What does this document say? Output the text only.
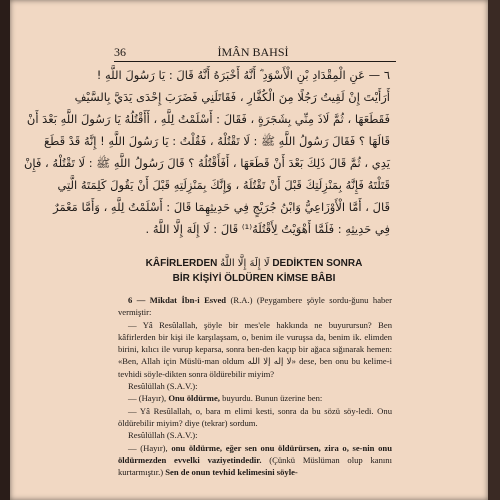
36	İMÂN BAHSİ
٦ — عَنِ الْمِقْدَادِ بْنِ الْأَسْوَدِ ؓ أَنَّهُ أَخْبَرَهُ أَنَّهُ قَالَ : يَا رَسُولَ اللَّهِ !
أَرَأَيْتَ إِنْ لَقِيتُ رَجُلًا مِنَ الْكُفَّارِ ، فَقَاتَلَنِي فَضَرَبَ إِحْدَى يَدَيَّ بِالسَّيْفِ
فَقَطَعَهَا ، ثُمَّ لَاذَ مِنِّي بِشَجَرَةٍ ، فَقَالَ : أَسْلَمْتُ لِلَّهِ ، أَأَقْتُلُهُ يَا رَسُولَ اللَّهِ بَعْدَ أَنْ
قَالَهَا ؟ فَقَالَ رَسُولُ اللَّهِ ﷺ : لَا تَقْتُلْهُ ، فَقُلْتُ : يَا رَسُولَ اللَّهِ ! إِنَّهُ قَدْ قَطَعَ
يَدِي ، ثُمَّ قَالَ ذَلِكَ بَعْدَ أَنْ قَطَعَهَا ، أَفَأَقْتُلُهُ ؟ قَالَ رَسُولُ اللَّهِ ﷺ : لَا تَقْتُلْهُ ، فَإِنْ
قَتَلْتَهُ فَإِنَّهُ بِمَنْزِلَتِكَ قَبْلَ أَنْ تَقْتُلَهُ ، وَإِنَّكَ بِمَنْزِلَتِهِ قَبْلَ أَنْ يَقُولَ كَلِمَتَهُ الَّتِي
قَالَ ، أَمَّا الْأَوْزَاعِيُّ وَابْنُ جُرَيْجٍ فِي حَدِيثِهِمَا قَالَ : أَسْلَمْتُ لِلَّهِ ، وَأَمَّا مَعْمَرٌ
فِي حَدِيثِهِ : فَلَمَّا أَهْوَيْتُ لِأَقْتُلَهُ⁽¹⁾ قَالَ : لَا إِلَهَ إِلَّا اللَّهُ .
KÂFİRLERDEN لَا إِلَهَ إِلَّا اللَّهُ DEDİKTEN SONRA
BİR KİŞİYİ ÖLDÜREN KİMSE BÂBI

6 — Mikdat İbn-i Esved (R.A.) (Peygambere şöyle sordu-ğunu haber vermiştir:

— Yâ Resûlallah, şöyle bir mes'ele hakkında ne buyurursun? Ben kâfirlerden bir kişi ile karşılaşsam, o, benim ile vuruşsa da, benim ik. elimden birini, kılıcı ile vurup keparsa, sonra ben-den kaçıp bir ağaca sığınarak hemen: «Ben, Allah için Müslü-man oldum لا إله إلا الله» dese, ben onu bu kelime-i tevhidi söyle-dikten sonra öldürebilir miyim?

Resûlüllah (S.A.V.):

— (Hayır), Onu öldürme, buyurdu. Bunun üzerine ben:

— Yâ Resûlallah, o, bara m elimi kesti, sonra da bu sözü söy-ledi. Onu öldürebilir miyim? diye (tekrar) sordum.

Resûlüllah (S.A.V.):

— (Hayır), onu öldürme, eğer sen onu öldürürsen, zira o, se-nin onu öldürmezden evvelki vaziyetindedir. (Çünkü Müslüman olup kanını kurtarmıştır.) Sen de onun tevhid kelimesini söyle-
